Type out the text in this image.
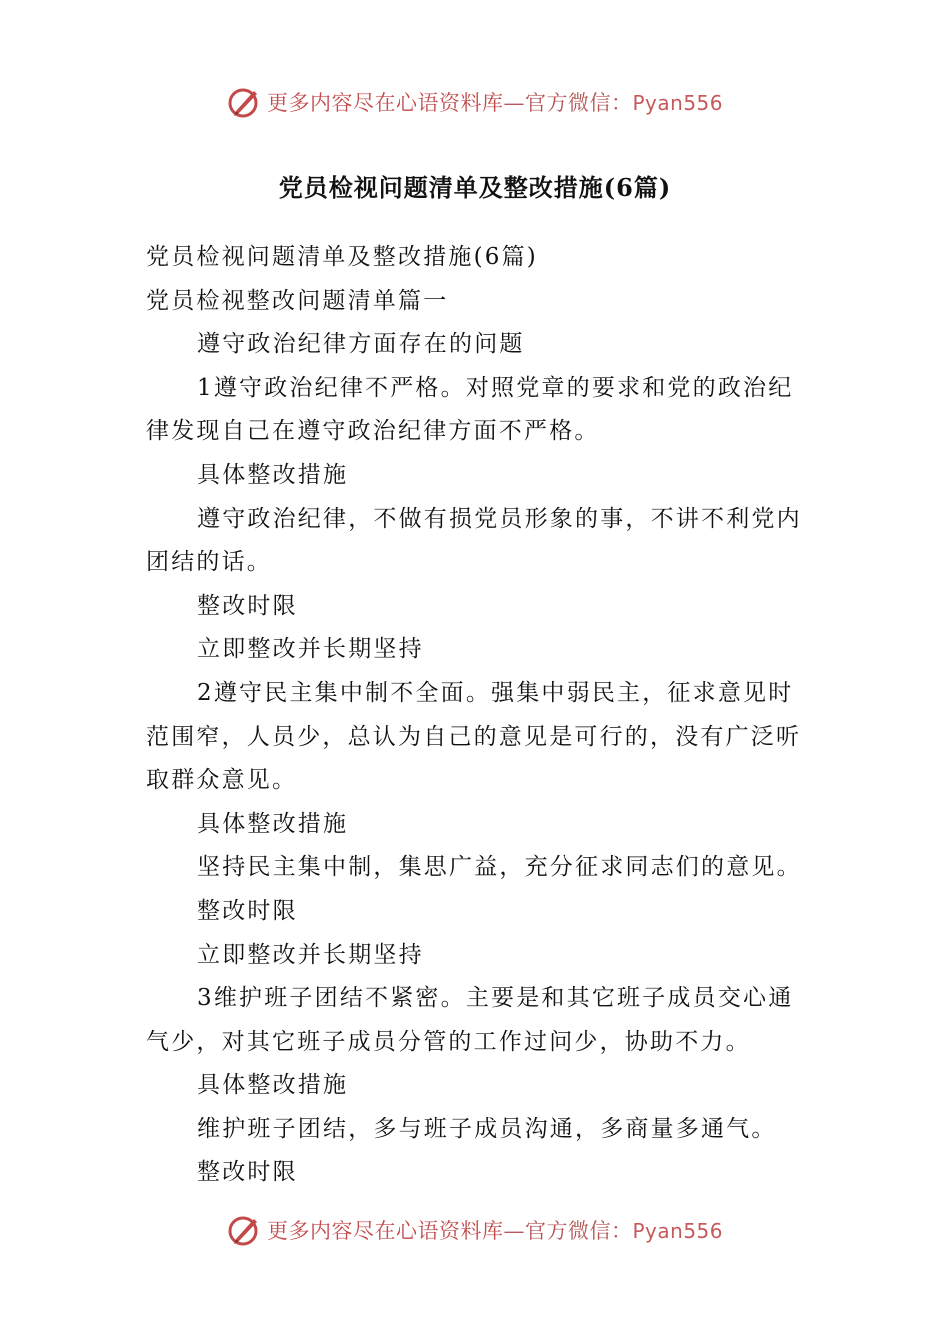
更多内容尽在心语资料库—官方微信：Pyan556
党员检视问题清单及整改措施(6篇)

党员检视问题清单及整改措施(6篇)

党员检视整改问题清单篇一

遵守政治纪律方面存在的问题

1遵守政治纪律不严格。对照党章的要求和党的政治纪律发现自己在遵守政治纪律方面不严格。

具体整改措施

遵守政治纪律，不做有损党员形象的事，不讲不利党内团结的话。

整改时限

立即整改并长期坚持

2遵守民主集中制不全面。强集中弱民主，征求意见时范围窄，人员少，总认为自己的意见是可行的，没有广泛听取群众意见。

具体整改措施

坚持民主集中制，集思广益，充分征求同志们的意见。

整改时限

立即整改并长期坚持

3维护班子团结不紧密。主要是和其它班子成员交心通气少，对其它班子成员分管的工作过问少，协助不力。

具体整改措施

维护班子团结，多与班子成员沟通，多商量多通气。

整改时限

更多内容尽在心语资料库—官方微信：Pyan556
